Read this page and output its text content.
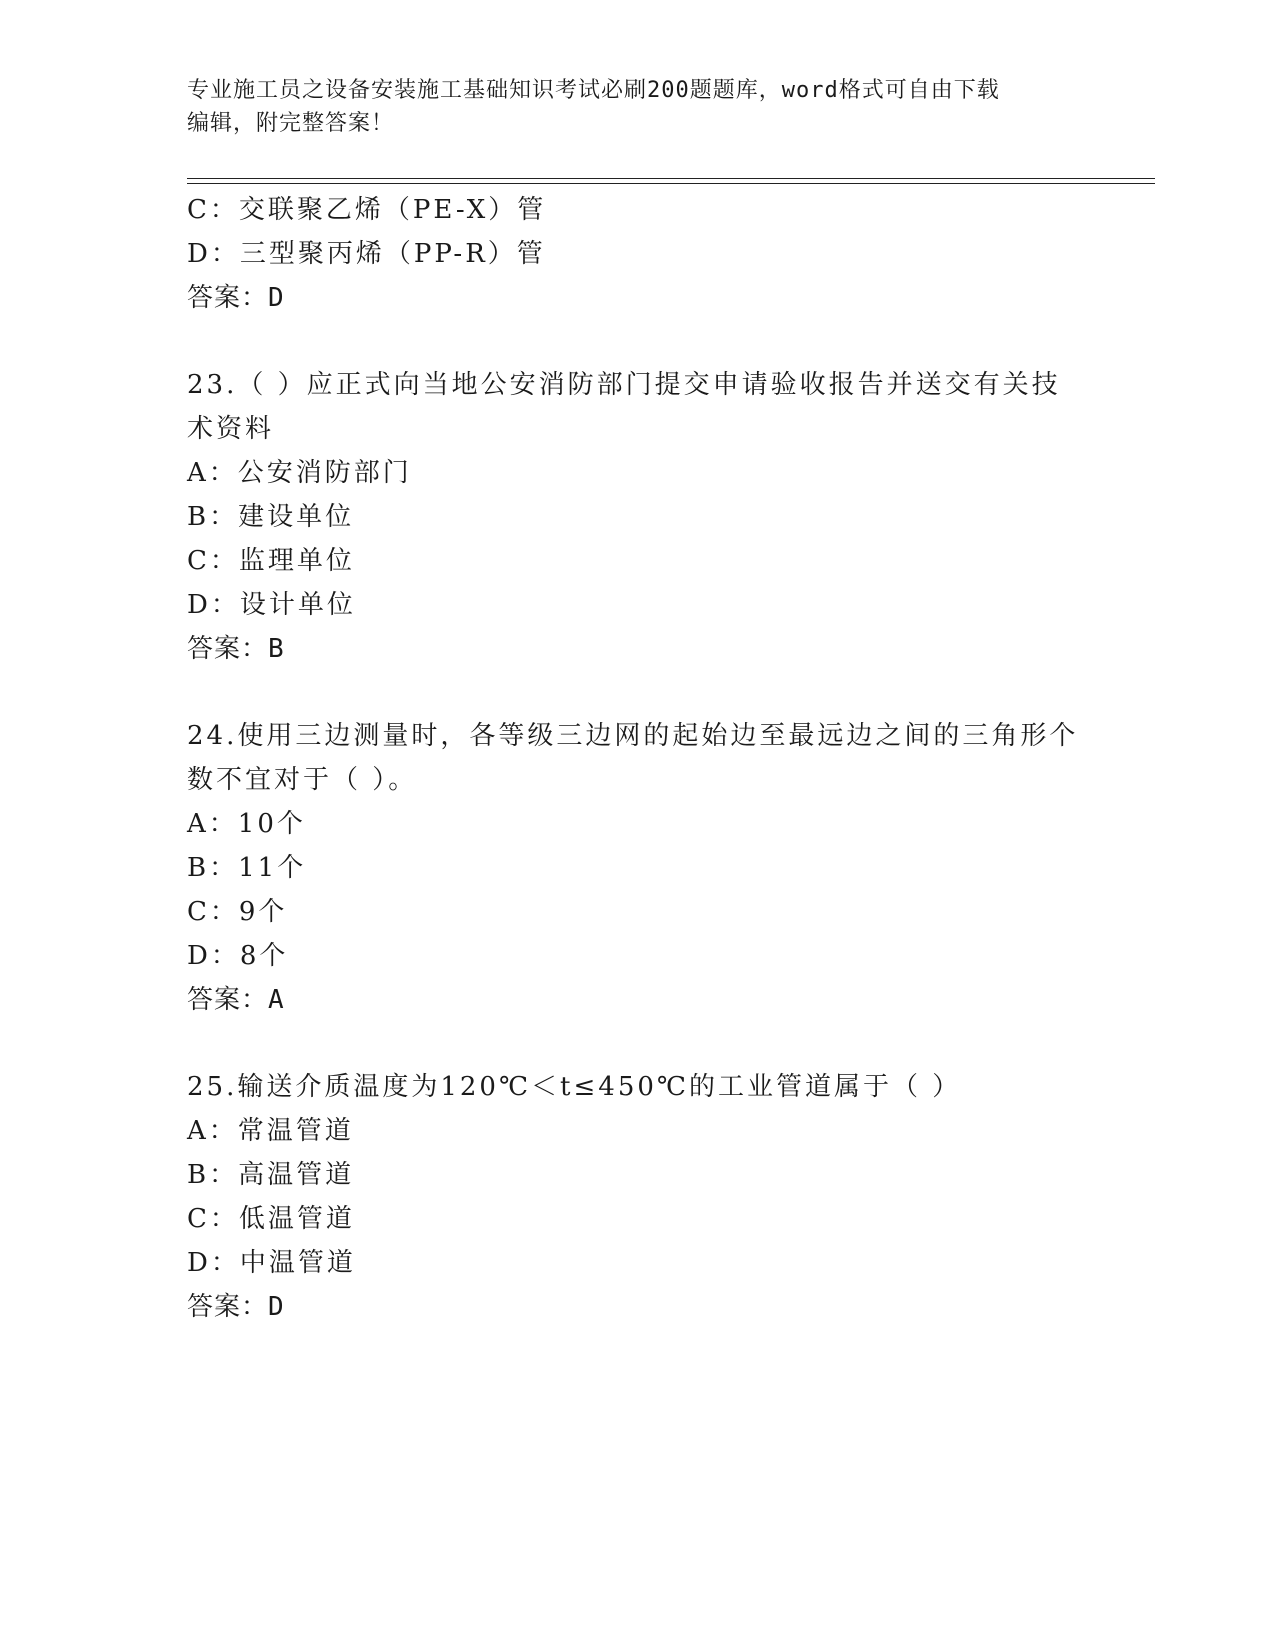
专业施工员之设备安装施工基础知识考试必刷200题题库，word格式可自由下载
编辑，附完整答案！
C：交联聚乙烯（PE-X）管
D：三型聚丙烯（PP-R）管
答案：D
23.（ ）应正式向当地公安消防部门提交申请验收报告并送交有关技
术资料
A：公安消防部门
B：建设单位
C：监理单位
D：设计单位
答案：B
24.使用三边测量时，各等级三边网的起始边至最远边之间的三角形个
数不宜对于（ ）。
A：10个
B：11个
C：9个
D：8个
答案：A
25.输送介质温度为120℃＜t≤450℃的工业管道属于（ ）
A：常温管道
B：高温管道
C：低温管道
D：中温管道
答案：D
